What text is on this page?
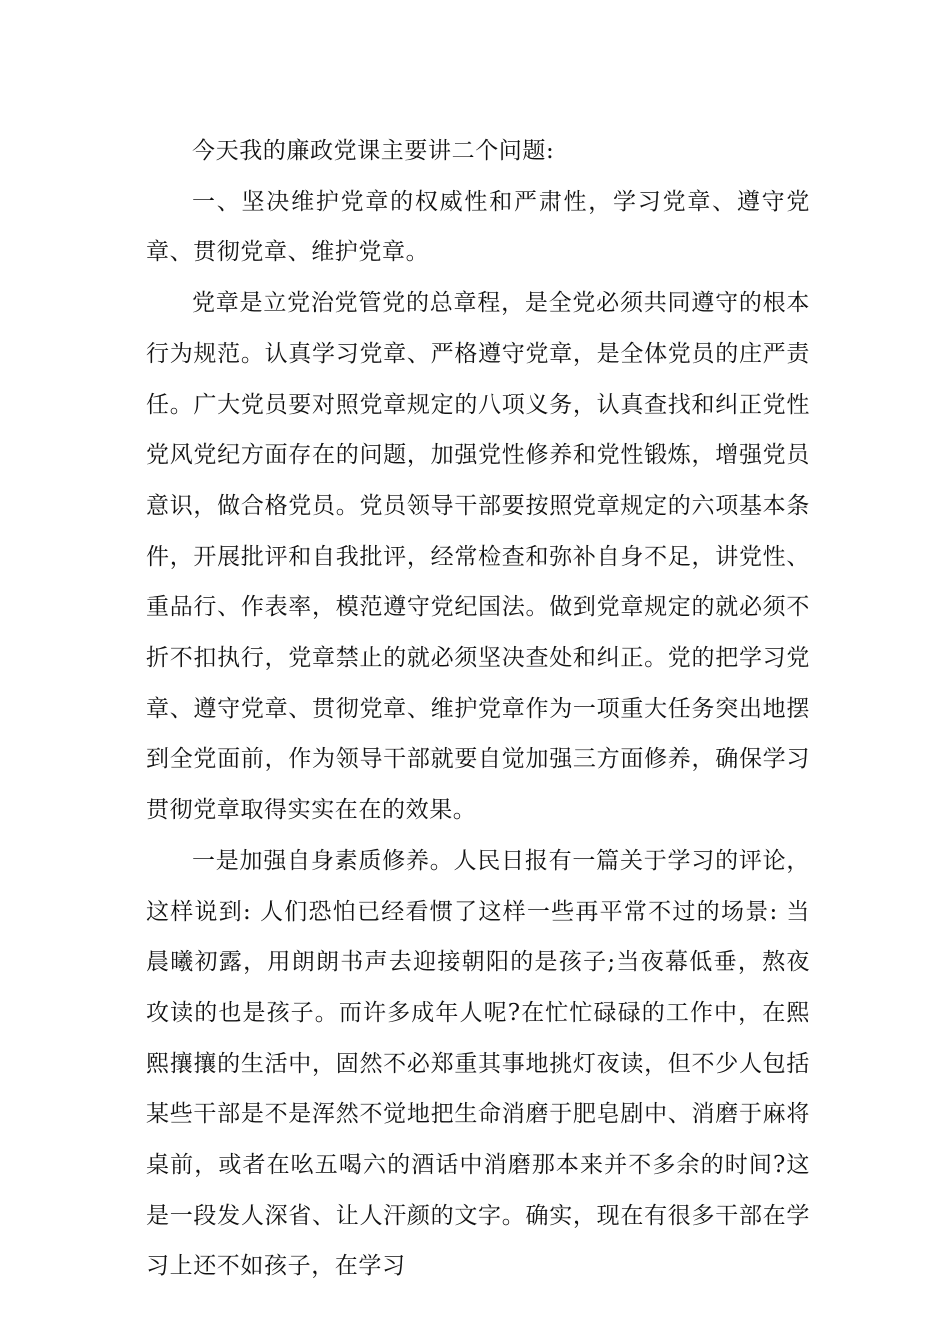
今天我的廉政党课主要讲二个问题:

一、坚决维护党章的权威性和严肃性，学习党章、遵守党章、贯彻党章、维护党章。

党章是立党治党管党的总章程，是全党必须共同遵守的根本行为规范。认真学习党章、严格遵守党章，是全体党员的庄严责任。广大党员要对照党章规定的八项义务，认真查找和纠正党性党风党纪方面存在的问题，加强党性修养和党性锻炼，增强党员意识，做合格党员。党员领导干部要按照党章规定的六项基本条件，开展批评和自我批评，经常检查和弥补自身不足，讲党性、重品行、作表率，模范遵守党纪国法。做到党章规定的就必须不折不扣执行，党章禁止的就必须坚决查处和纠正。党的把学习党章、遵守党章、贯彻党章、维护党章作为一项重大任务突出地摆到全党面前，作为领导干部就要自觉加强三方面修养，确保学习贯彻党章取得实实在在的效果。

一是加强自身素质修养。人民日报有一篇关于学习的评论，这样说到: 人们恐怕已经看惯了这样一些再平常不过的场景: 当晨曦初露，用朗朗书声去迎接朝阳的是孩子;当夜幕低垂，熬夜攻读的也是孩子。而许多成年人呢?在忙忙碌碌的工作中，在熙熙攘攘的生活中，固然不必郑重其事地挑灯夜读，但不少人包括某些干部是不是浑然不觉地把生命消磨于肥皂剧中、消磨于麻将桌前，或者在吆五喝六的酒话中消磨那本来并不多余的时间?这是一段发人深省、让人汗颜的文字。确实，现在有很多干部在学习上还不如孩子，在学习
